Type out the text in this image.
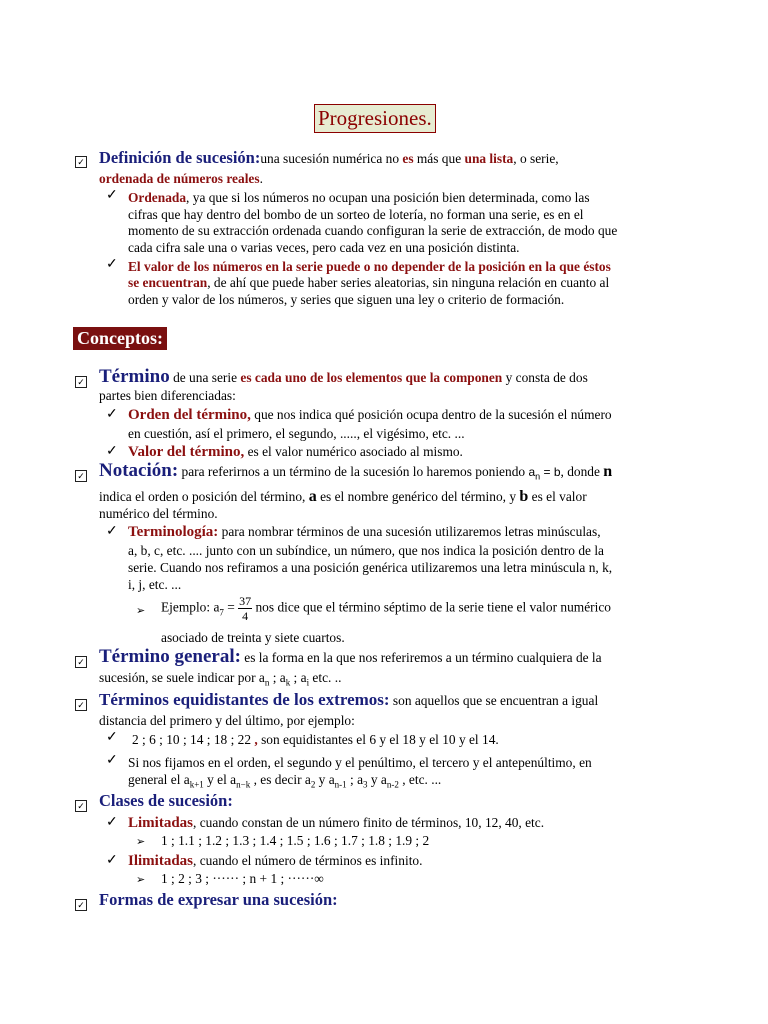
Progresiones.
✓ Definición de sucesión:una sucesión numérica no es más que una lista, o serie,
ordenada de números reales.
✓ Ordenada, ya que si los números no ocupan una posición bien determinada, como las
cifras que hay dentro del bombo de un sorteo de lotería, no forman una serie, es en el
momento de su extracción ordenada cuando configuran la serie de extracción, de modo que
cada cifra sale una o varias veces, pero cada vez en una posición distinta.
✓ El valor de los números en la serie puede o no depender de la posición en la que éstos
se encuentran, de ahí que puede haber series aleatorias, sin ninguna relación en cuanto al
orden y valor de los números, y series que siguen una ley o criterio de formación.
Conceptos:
✓ Término de una serie es cada uno de los elementos que la componen y consta de dos
partes bien diferenciadas:
✓ Orden del término, que nos indica qué posición ocupa dentro de la sucesión el número
en cuestión, así el primero, el segundo, ....., el vigésimo, etc. ...
✓ Valor del término, es el valor numérico asociado al mismo.
✓ Notación: para referirnos a un término de la sucesión lo haremos poniendo $a_n = b$, donde n
indica el orden o posición del término, a es el nombre genérico del término, y b es el valor
numérico del término.
✓ Terminología: para nombrar términos de una sucesión utilizaremos letras minúsculas,
a, b, c, etc. .... junto con un subíndice, un número, que nos indica la posición dentro de la
serie. Cuando nos refiramos a una posición genérica utilizaremos una letra minúscula n, k,
i, j, etc. ...
➢ Ejemplo: $a_7 = \frac{37}{4}$ nos dice que el término séptimo de la serie tiene el valor numérico
asociado de treinta y siete cuartos.
✓ Término general: es la forma en la que nos referiremos a un término cualquiera de la
sucesión, se suele indicar por $a_n$ ; $a_k$ ; $a_i$ etc. ..
✓ Términos equidistantes de los extremos: son aquellos que se encuentran a igual
distancia del primero y del último, por ejemplo:
✓ 2 ; 6 ; 10 ; 14 ; 18 ; 22 , son equidistantes el 6 y el 18 y el 10 y el 14.
✓ Si nos fijamos en el orden, el segundo y el penúltimo, el tercero y el antepenúltimo, en
general el $a_{k+1}$ y el $a_{n-k}$ , es decir $a_2$ y $a_{n-1}$ ; $a_3$ y $a_{n-2}$ , etc. ...
✓ Clases de sucesión:
✓ Limitadas, cuando constan de un número finito de términos, 10, 12, 40, etc.
➢ 1 ; 1.1 ; 1.2 ; 1.3 ; 1.4 ; 1.5 ; 1.6 ; 1.7 ; 1.8 ; 1.9 ; 2
✓ Ilimitadas, cuando el número de términos es infinito.
➢ 1 ; 2 ; 3 ; ······ ; n + 1 ; ······∞
✓ Formas de expresar una sucesión:
